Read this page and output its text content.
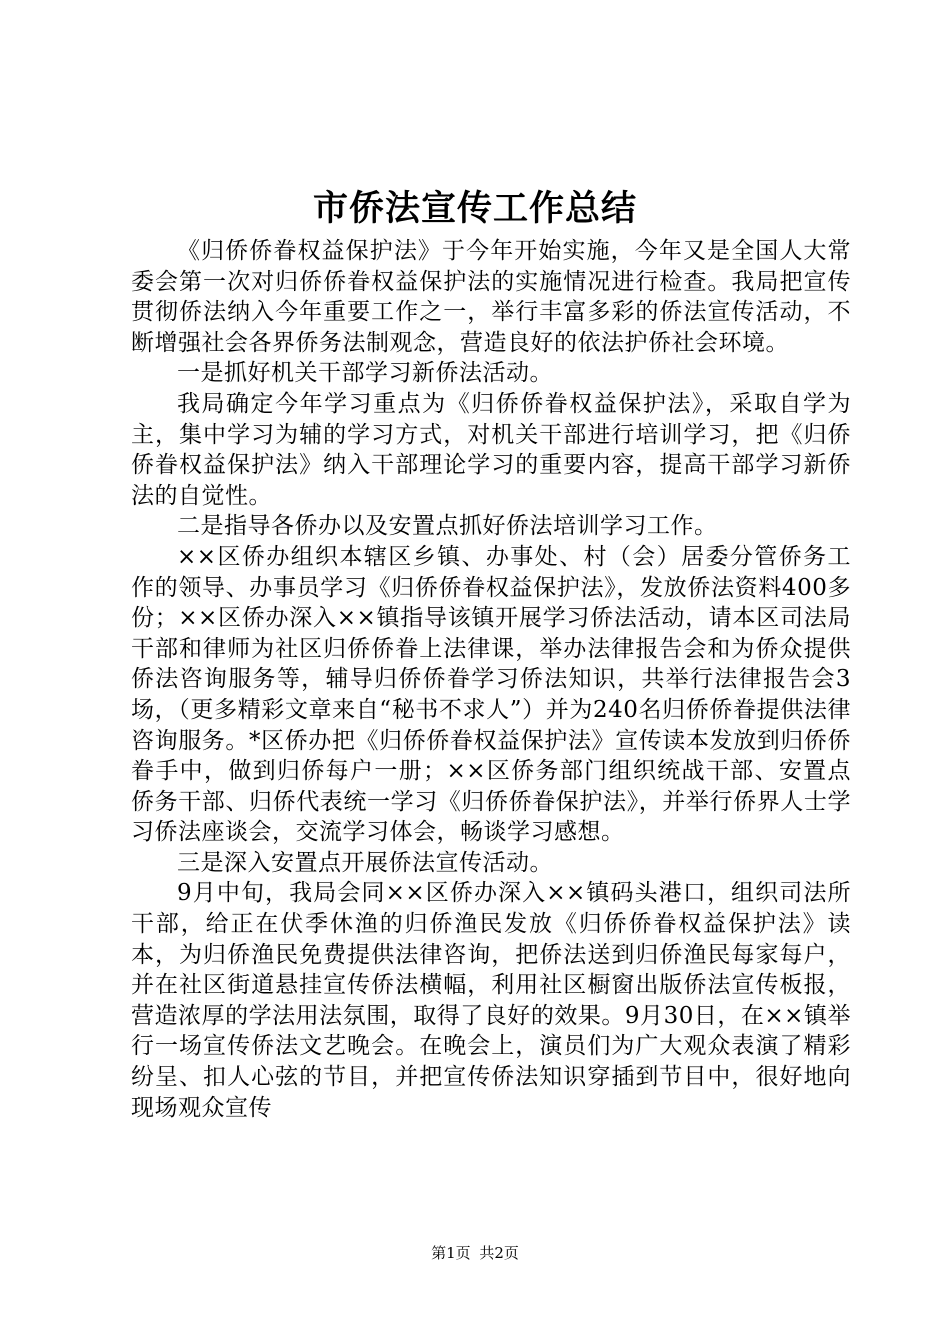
市侨法宣传工作总结

《归侨侨眷权益保护法》于今年开始实施，今年又是全国人大常委会第一次对归侨侨眷权益保护法的实施情况进行检查。我局把宣传贯彻侨法纳入今年重要工作之一，举行丰富多彩的侨法宣传活动，不断增强社会各界侨务法制观念，营造良好的依法护侨社会环境。

一是抓好机关干部学习新侨法活动。

我局确定今年学习重点为《归侨侨眷权益保护法》，采取自学为主，集中学习为辅的学习方式，对机关干部进行培训学习，把《归侨侨眷权益保护法》纳入干部理论学习的重要内容，提高干部学习新侨法的自觉性。

二是指导各侨办以及安置点抓好侨法培训学习工作。

××区侨办组织本辖区乡镇、办事处、村（会）居委分管侨务工作的领导、办事员学习《归侨侨眷权益保护法》，发放侨法资料400多份；××区侨办深入××镇指导该镇开展学习侨法活动，请本区司法局干部和律师为社区归侨侨眷上法律课，举办法律报告会和为侨众提供侨法咨询服务等，辅导归侨侨眷学习侨法知识，共举行法律报告会3场，（更多精彩文章来自“秘书不求人”）并为240名归侨侨眷提供法律咨询服务。*区侨办把《归侨侨眷权益保护法》宣传读本发放到归侨侨眷手中，做到归侨每户一册；××区侨务部门组织统战干部、安置点侨务干部、归侨代表统一学习《归侨侨眷保护法》，并举行侨界人士学习侨法座谈会，交流学习体会，畅谈学习感想。

三是深入安置点开展侨法宣传活动。

9月中旬，我局会同××区侨办深入××镇码头港口，组织司法所干部，给正在伏季休渔的归侨渔民发放《归侨侨眷权益保护法》读本，为归侨渔民免费提供法律咨询，把侨法送到归侨渔民每家每户，并在社区街道悬挂宣传侨法横幅，利用社区橱窗出版侨法宣传板报，营造浓厚的学法用法氛围，取得了良好的效果。9月30日，在××镇举行一场宣传侨法文艺晚会。在晚会上，演员们为广大观众表演了精彩纷呈、扣人心弦的节目，并把宣传侨法知识穿插到节目中，很好地向现场观众宣传

第1页 共2页
